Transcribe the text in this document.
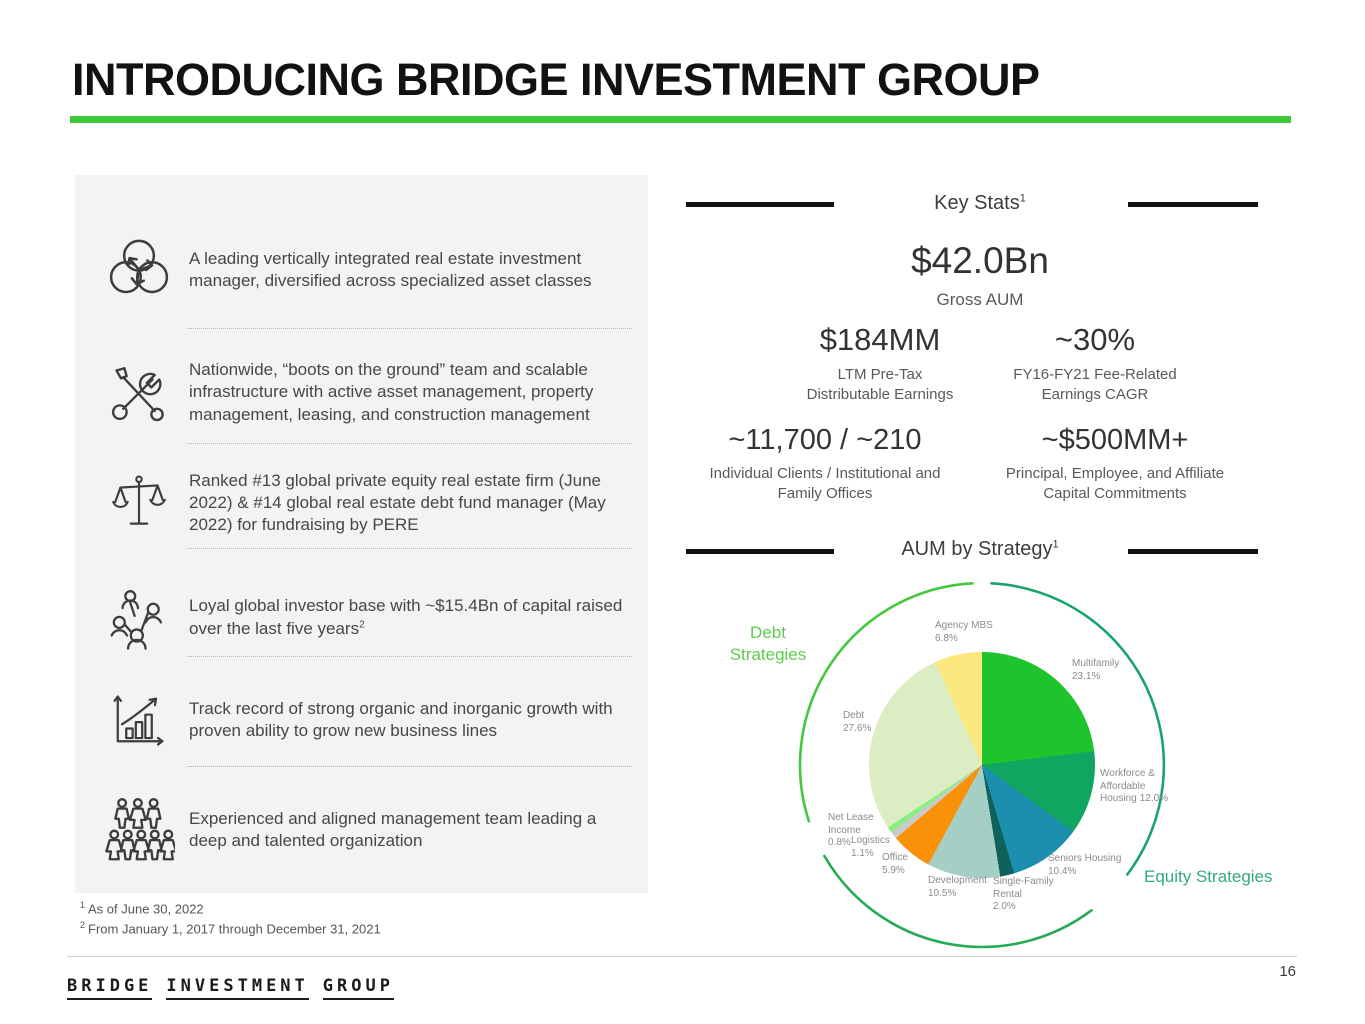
INTRODUCING BRIDGE INVESTMENT GROUP
A leading vertically integrated real estate investment manager, diversified across specialized asset classes
Nationwide, “boots on the ground” team and scalable infrastructure with active asset management, property management, leasing, and construction management
Ranked #13 global private equity real estate firm (June 2022) & #14 global real estate debt fund manager (May 2022) for fundraising by PERE
Loyal global investor base with ~$15.4Bn of capital raised over the last five years$^2$
Track record of strong organic and inorganic growth with proven ability to grow new business lines
Experienced and aligned management team leading a deep and talented organization
$^1$ As of June 30, 2022
$^2$ From January 1, 2017 through December 31, 2021
Key Stats$^1$
$42.0Bn
Gross AUM
$184MM
LTM Pre-Tax
Distributable Earnings
~30%
FY16-FY21 Fee-Related
Earnings CAGR
~11,700 / ~210
Individual Clients / Institutional and
Family Offices
~$500MM+
Principal, Employee, and Affiliate
Capital Commitments
AUM by Strategy$^1$
Agency MBS
6.8%
Multifamily
23.1%
Workforce & Affordable Housing 12.0%
Seniors Housing
10.4%
Single-Family Rental
2.0%
Development
10.5%
Office
5.9%
Logistics
1.1%
Net Lease Income
0.8%
Debt
27.6%
Debt Strategies
Equity Strategies
BRIDGE INVESTMENT GROUP
16
